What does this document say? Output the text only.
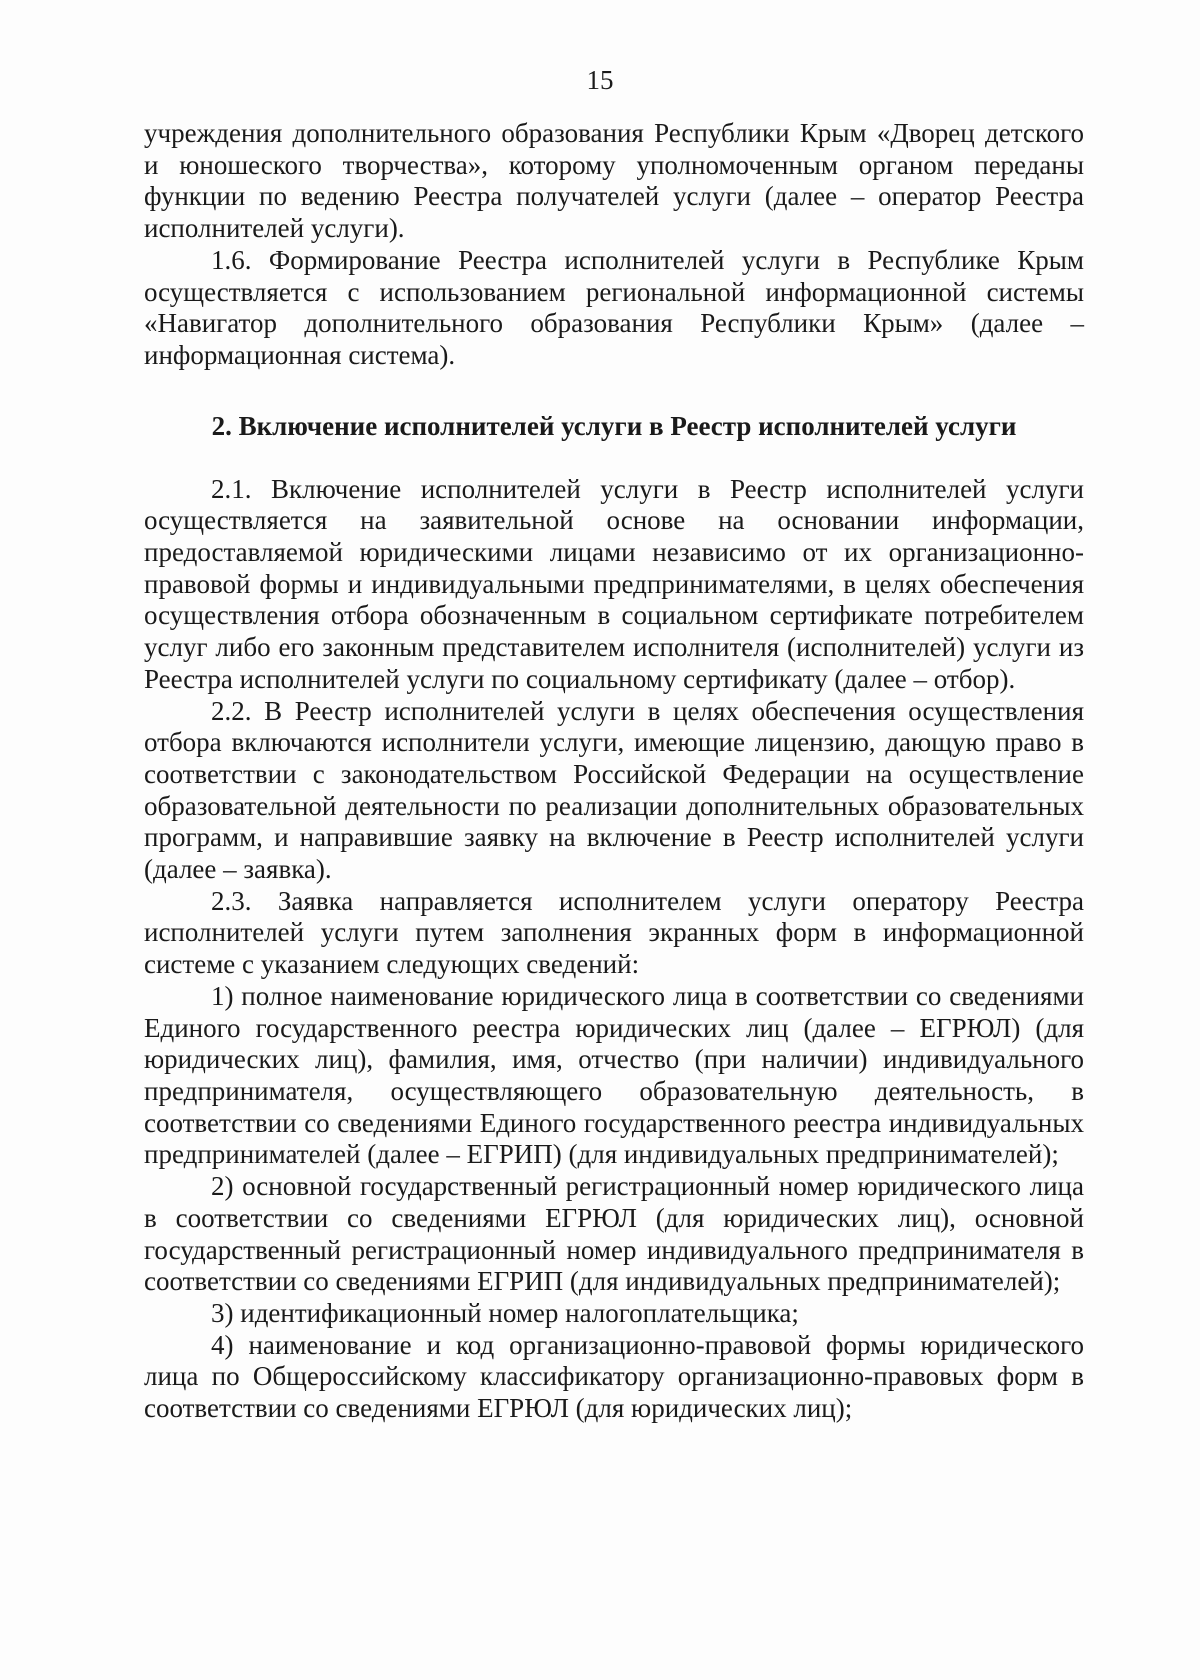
15

учреждения дополнительного образования Республики Крым «Дворец детского и юношеского творчества», которому уполномоченным органом переданы функции по ведению Реестра получателей услуги (далее – оператор Реестра исполнителей услуги).

1.6. Формирование Реестра исполнителей услуги в Республике Крым осуществляется с использованием региональной информационной системы «Навигатор дополнительного образования Республики Крым» (далее – информационная система).

2. Включение исполнителей услуги в Реестр исполнителей услуги

2.1. Включение исполнителей услуги в Реестр исполнителей услуги осуществляется на заявительной основе на основании информации, предоставляемой юридическими лицами независимо от их организационно-правовой формы и индивидуальными предпринимателями, в целях обеспечения осуществления отбора обозначенным в социальном сертификате потребителем услуг либо его законным представителем исполнителя (исполнителей) услуги из Реестра исполнителей услуги по социальному сертификату (далее – отбор).

2.2. В Реестр исполнителей услуги в целях обеспечения осуществления отбора включаются исполнители услуги, имеющие лицензию, дающую право в соответствии с законодательством Российской Федерации на осуществление образовательной деятельности по реализации дополнительных образовательных программ, и направившие заявку на включение в Реестр исполнителей услуги (далее – заявка).

2.3. Заявка направляется исполнителем услуги оператору Реестра исполнителей услуги путем заполнения экранных форм в информационной системе с указанием следующих сведений:

1) полное наименование юридического лица в соответствии со сведениями Единого государственного реестра юридических лиц (далее – ЕГРЮЛ) (для юридических лиц), фамилия, имя, отчество (при наличии) индивидуального предпринимателя, осуществляющего образовательную деятельность, в соответствии со сведениями Единого государственного реестра индивидуальных предпринимателей (далее – ЕГРИП) (для индивидуальных предпринимателей);

2) основной государственный регистрационный номер юридического лица в соответствии со сведениями ЕГРЮЛ (для юридических лиц), основной государственный регистрационный номер индивидуального предпринимателя в соответствии со сведениями ЕГРИП (для индивидуальных предпринимателей);

3) идентификационный номер налогоплательщика;

4) наименование и код организационно-правовой формы юридического лица по Общероссийскому классификатору организационно-правовых форм в соответствии со сведениями ЕГРЮЛ (для юридических лиц);
